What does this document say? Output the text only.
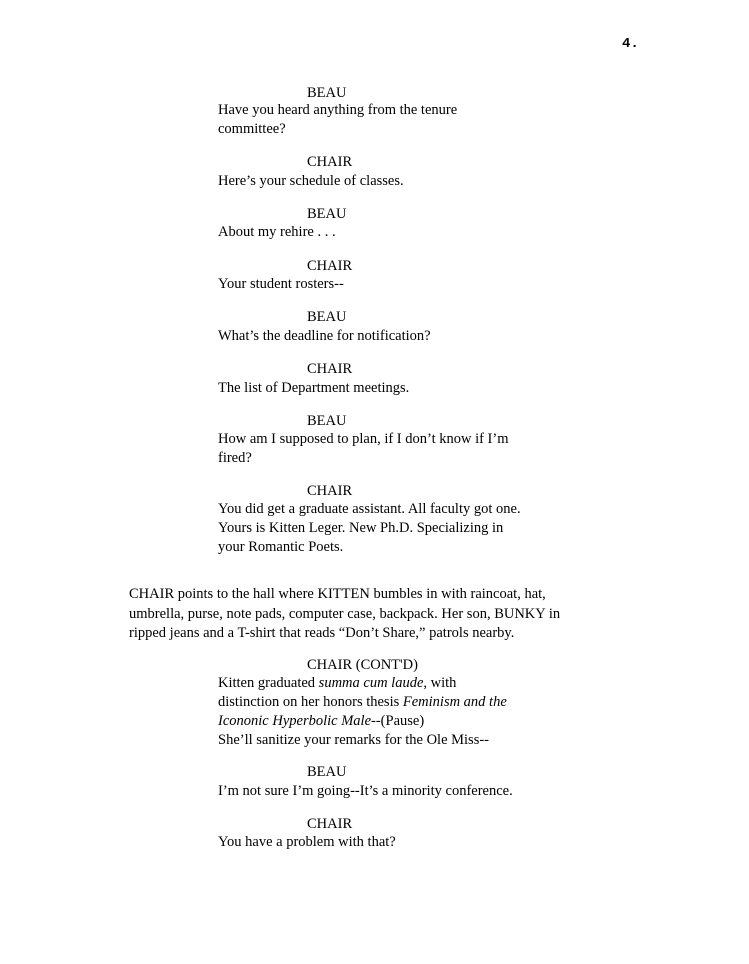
4.
BEAU
Have you heard anything from the tenure
committee?
CHAIR
Here’s your schedule of classes.
BEAU
About my rehire . . .
CHAIR
Your student rosters--
BEAU
What’s the deadline for notification?
CHAIR
The list of Department meetings.
BEAU
How am I supposed to plan, if I don’t know if I’m
fired?
CHAIR
You did get a graduate assistant. All faculty got one.
Yours is Kitten Leger. New Ph.D. Specializing in
your Romantic Poets.
CHAIR points to the hall where KITTEN bumbles in with raincoat, hat,
umbrella, purse, note pads, computer case, backpack. Her son, BUNKY in
ripped jeans and a T-shirt that reads “Don’t Share,” patrols nearby.
CHAIR (CONT'D)
Kitten graduated summa cum laude, with
distinction on her honors thesis Feminism and the
Icononic Hyperbolic Male--(Pause)
She’ll sanitize your remarks for the Ole Miss--
BEAU
I’m not sure I’m going--It’s a minority conference.
CHAIR
You have a problem with that?
